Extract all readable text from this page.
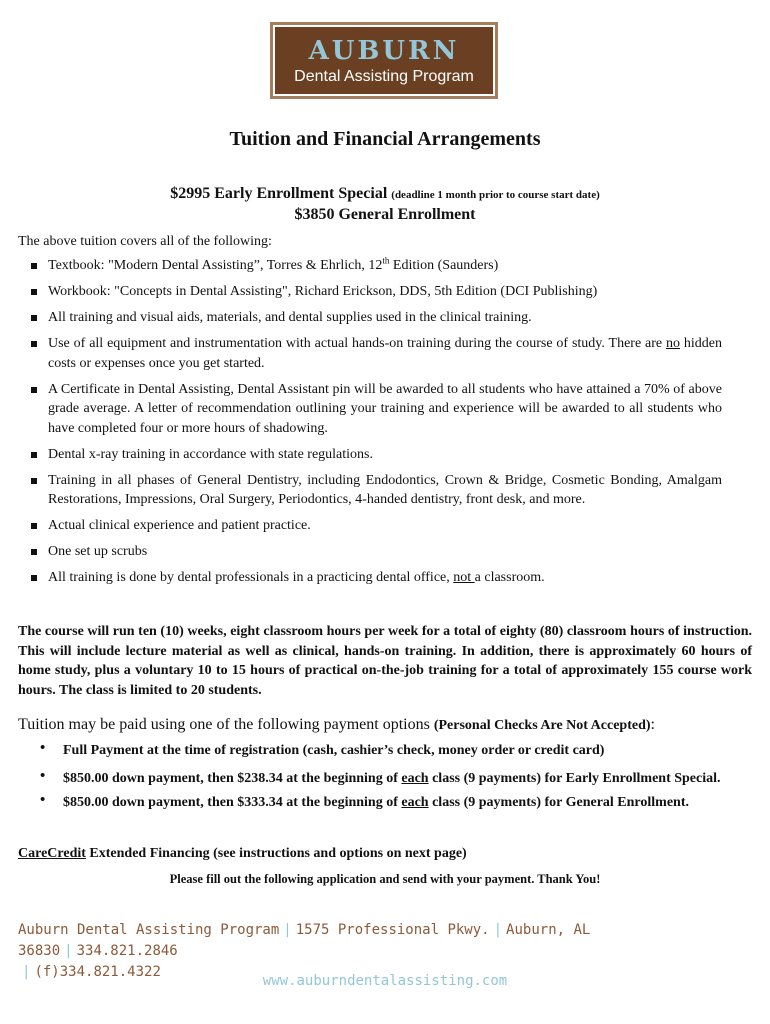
AUBURN
Dental Assisting Program
Tuition and Financial Arrangements
$2995 Early Enrollment Special (deadline 1 month prior to course start date)
$3850 General Enrollment
The above tuition covers all of the following:
Textbook: "Modern Dental Assisting”, Torres & Ehrlich, 12th Edition (Saunders)
Workbook: "Concepts in Dental Assisting", Richard Erickson, DDS, 5th Edition (DCI Publishing)
All training and visual aids, materials, and dental supplies used in the clinical training.
Use of all equipment and instrumentation with actual hands-on training during the course of study. There are no hidden costs or expenses once you get started.
A Certificate in Dental Assisting, Dental Assistant pin will be awarded to all students who have attained a 70% of above grade average. A letter of recommendation outlining your training and experience will be awarded to all students who have completed four or more hours of shadowing.
Dental x-ray training in accordance with state regulations.
Training in all phases of General Dentistry, including Endodontics, Crown & Bridge, Cosmetic Bonding, Amalgam Restorations, Impressions, Oral Surgery, Periodontics, 4-handed dentistry, front desk, and more.
Actual clinical experience and patient practice.
One set up scrubs
All training is done by dental professionals in a practicing dental office, not a classroom.

The course will run ten (10) weeks, eight classroom hours per week for a total of eighty (80) classroom hours of instruction. This will include lecture material as well as clinical, hands-on training. In addition, there is approximately 60 hours of home study, plus a voluntary 10 to 15 hours of practical on-the-job training for a total of approximately 155 course work hours. The class is limited to 20 students.

Tuition may be paid using one of the following payment options (Personal Checks Are Not Accepted):
• Full Payment at the time of registration (cash, cashier’s check, money order or credit card)
• $850.00 down payment, then $238.34 at the beginning of each class (9 payments) for Early Enrollment Special.
• $850.00 down payment, then $333.34 at the beginning of each class (9 payments) for General Enrollment.
CareCredit Extended Financing (see instructions and options on next page)
Please fill out the following application and send with your payment. Thank You!
Auburn Dental Assisting Program | 1575 Professional Pkwy. | Auburn, AL 36830 | 334.821.2846
| (f)334.821.4322
www.auburndentalassisting.com
